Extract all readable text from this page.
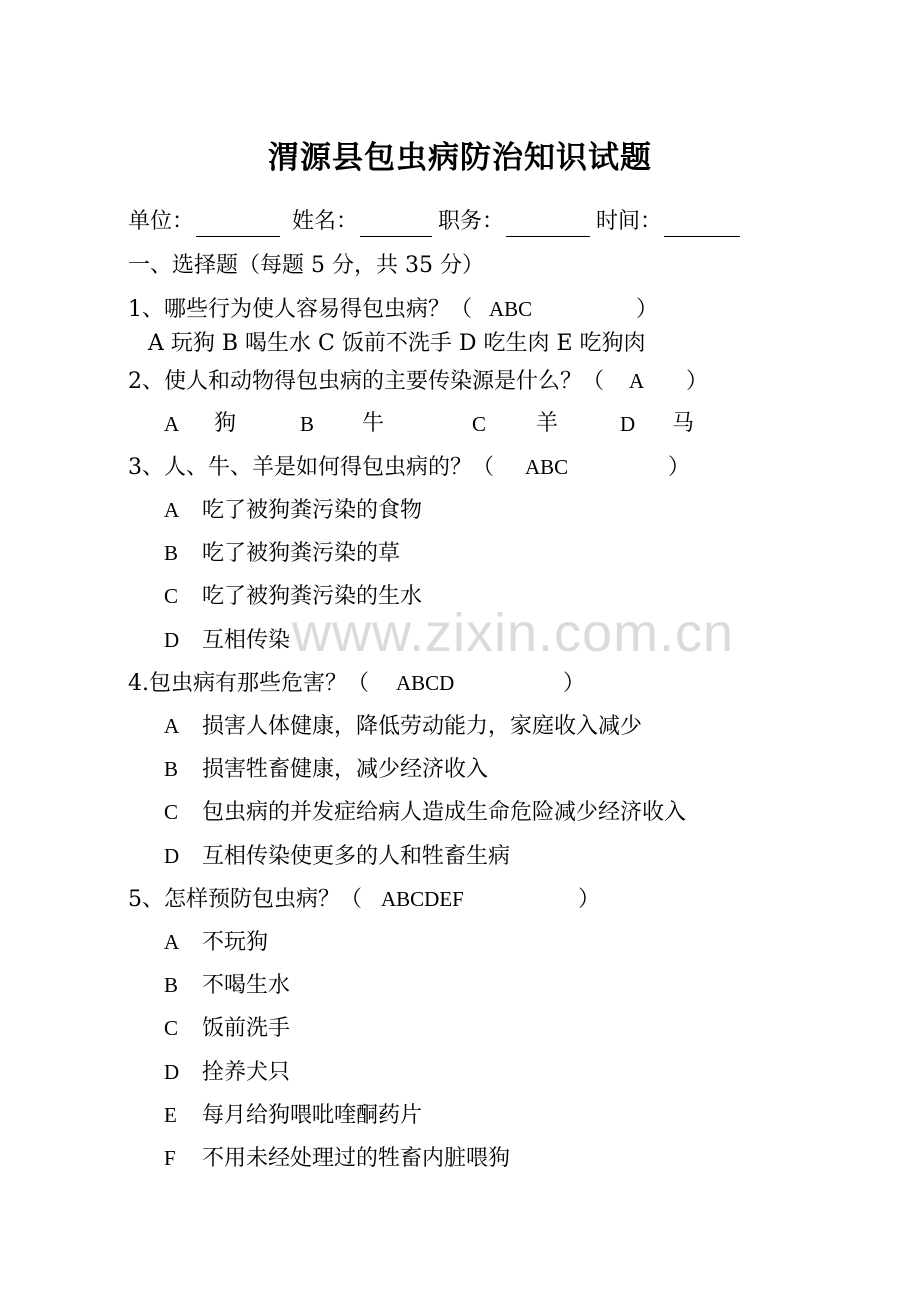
渭源县包虫病防治知识试题
单位：	姓名：	职务：	时间：
一、选择题（每题 5 分，共 35 分）
1、哪些行为使人容易得包虫病？（ ABC	）
A 玩狗 B 喝生水 C 饭前不洗手 D 吃生肉 E 吃狗肉
2、使人和动物得包虫病的主要传染源是什么？（ A ）
A	狗	B	牛	C	羊	D	马
3、人、牛、羊是如何得包虫病的？（ ABC	）
A 吃了被狗粪污染的食物
B 吃了被狗粪污染的草
C 吃了被狗粪污染的生水
D 互相传染 www.zixin.com.cn
4.包虫病有那些危害？（ ABCD	）
A 损害人体健康，降低劳动能力，家庭收入减少
B 损害牲畜健康，减少经济收入
C 包虫病的并发症给病人造成生命危险减少经济收入
D 互相传染使更多的人和牲畜生病
5、怎样预防包虫病？（ ABCDEF	）
A 不玩狗
B 不喝生水
C 饭前洗手
D 拴养犬只
E 每月给狗喂吡喹酮药片
F 不用未经处理过的牲畜内脏喂狗
